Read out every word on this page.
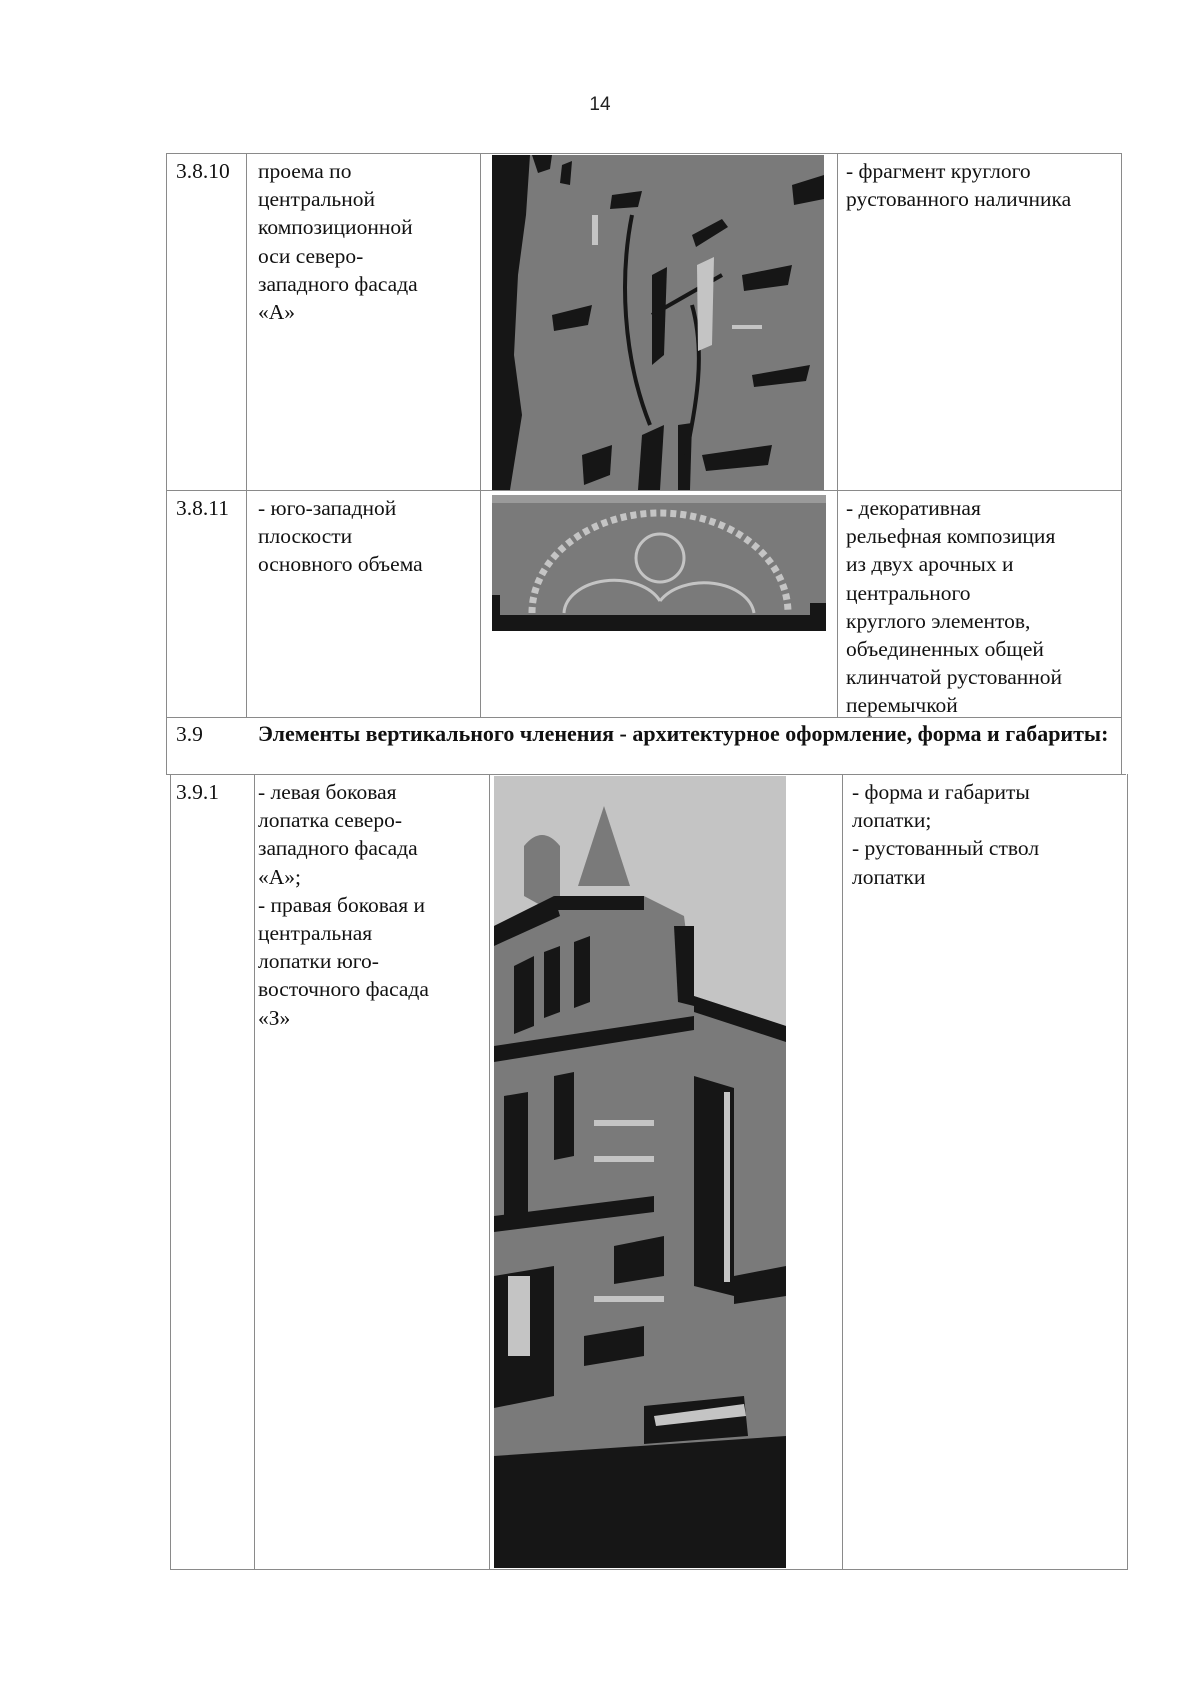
14
3.8.10 проема по
центральной
композиционной
оси северо-
западного фасада
«А»
- фрагмент круглого
рустованного наличника
3.8.11 - юго-западной
плоскости
основного объема
- декоративная
рельефная композиция
из двух арочных и
центрального
круглого элементов,
объединенных общей
клинчатой рустованной
перемычкой
3.9	Элементы вертикального членения - архитектурное оформление, форма и габариты:
3.9.1 - левая боковая
лопатка северо-
западного фасада
«А»;
- правая боковая и
центральная
лопатки юго-
восточного фасада
«З»
- форма и габариты
лопатки;
- рустованный ствол
лопатки
